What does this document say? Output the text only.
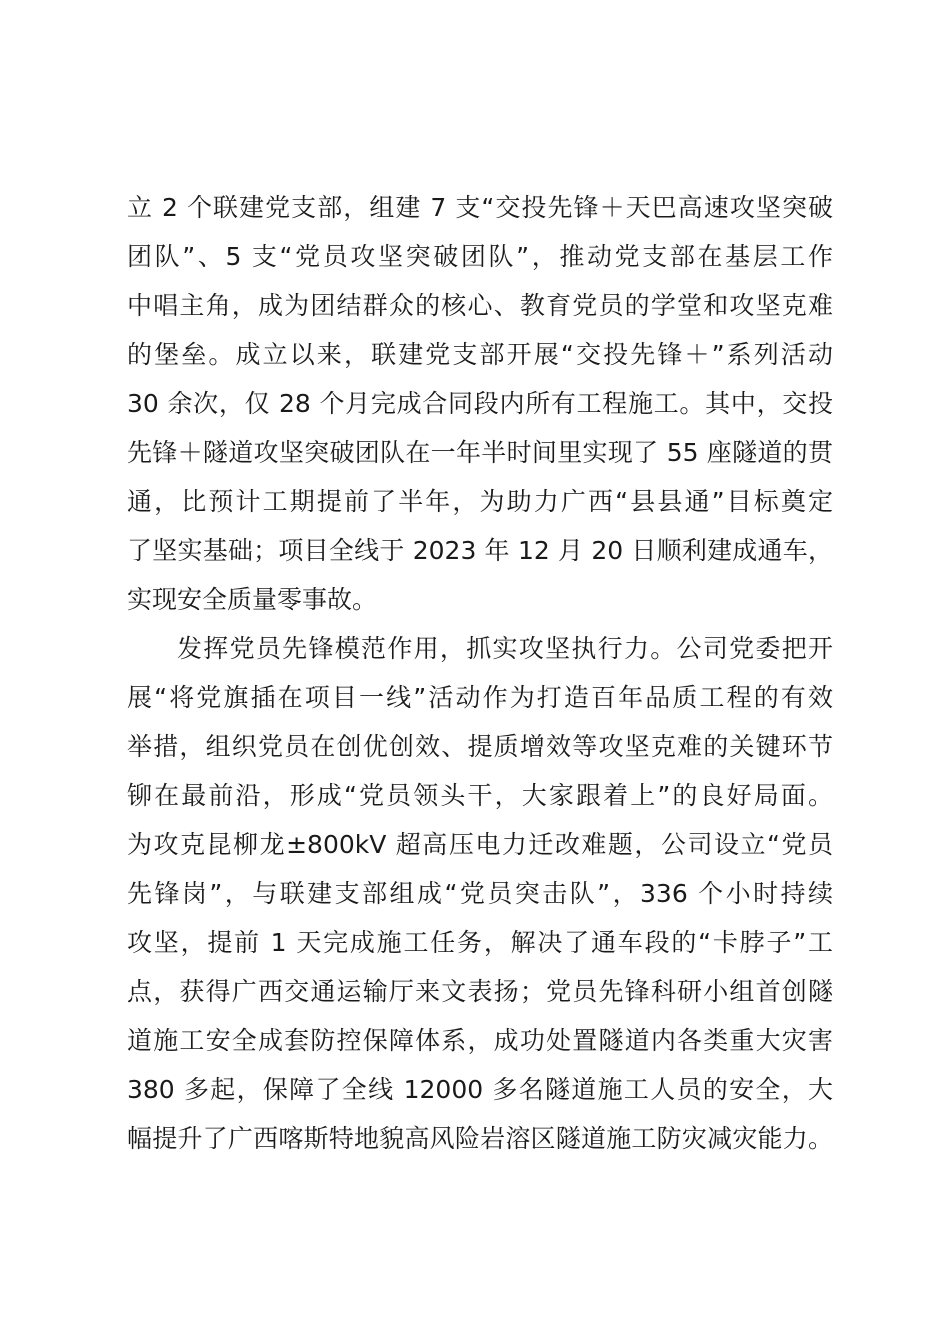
立 2 个联建党支部，组建 7 支“交投先锋＋天巴高速攻坚突破
团队”、5 支“党员攻坚突破团队”，推动党支部在基层工作
中唱主角，成为团结群众的核心、教育党员的学堂和攻坚克难
的堡垒。成立以来，联建党支部开展“交投先锋＋”系列活动
30 余次，仅 28 个月完成合同段内所有工程施工。其中，交投
先锋＋隧道攻坚突破团队在一年半时间里实现了 55 座隧道的贯
通，比预计工期提前了半年，为助力广西“县县通”目标奠定
了坚实基础；项目全线于 2023 年 12 月 20 日顺利建成通车，
实现安全质量零事故。
发挥党员先锋模范作用，抓实攻坚执行力。公司党委把开
展“将党旗插在项目一线”活动作为打造百年品质工程的有效
举措，组织党员在创优创效、提质增效等攻坚克难的关键环节
铆在最前沿，形成“党员领头干，大家跟着上”的良好局面。
为攻克昆柳龙±800kV 超高压电力迁改难题，公司设立“党员
先锋岗”，与联建支部组成“党员突击队”，336 个小时持续
攻坚，提前 1 天完成施工任务，解决了通车段的“卡脖子”工
点，获得广西交通运输厅来文表扬；党员先锋科研小组首创隧
道施工安全成套防控保障体系，成功处置隧道内各类重大灾害
380 多起，保障了全线 12000 多名隧道施工人员的安全，大
幅提升了广西喀斯特地貌高风险岩溶区隧道施工防灾减灾能力。
